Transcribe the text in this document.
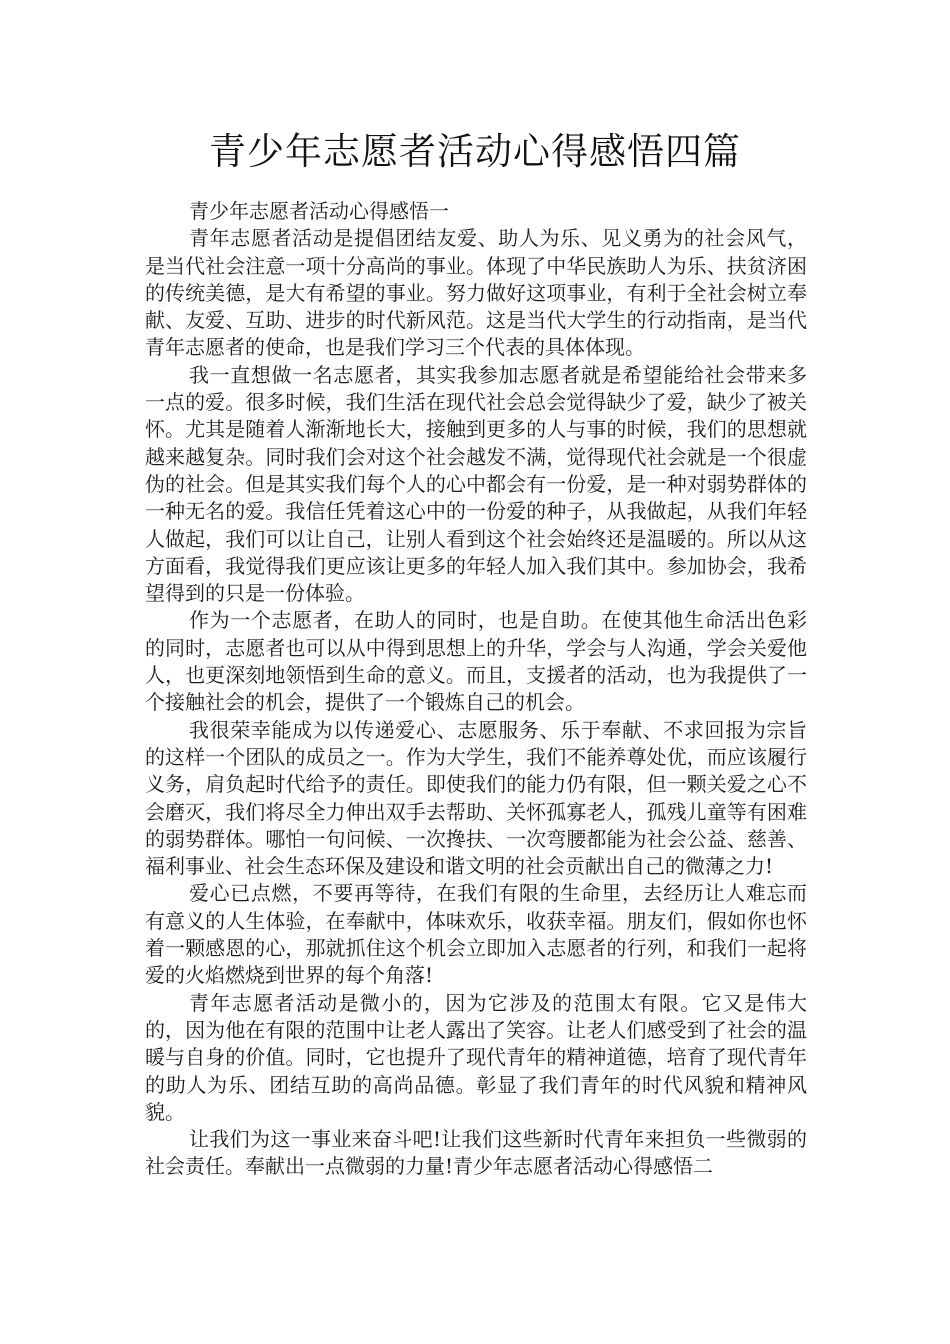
青少年志愿者活动心得感悟四篇

青少年志愿者活动心得感悟一

青年志愿者活动是提倡团结友爱、助人为乐、见义勇为的社会风气，是当代社会注意一项十分高尚的事业。体现了中华民族助人为乐、扶贫济困的传统美德，是大有希望的事业。努力做好这项事业，有利于全社会树立奉献、友爱、互助、进步的时代新风范。这是当代大学生的行动指南，是当代青年志愿者的使命，也是我们学习三个代表的具体体现。

我一直想做一名志愿者，其实我参加志愿者就是希望能给社会带来多一点的爱。很多时候，我们生活在现代社会总会觉得缺少了爱，缺少了被关怀。尤其是随着人渐渐地长大，接触到更多的人与事的时候，我们的思想就越来越复杂。同时我们会对这个社会越发不满，觉得现代社会就是一个很虚伪的社会。但是其实我们每个人的心中都会有一份爱，是一种对弱势群体的一种无名的爱。我信任凭着这心中的一份爱的种子，从我做起，从我们年轻人做起，我们可以让自己，让别人看到这个社会始终还是温暖的。所以从这方面看，我觉得我们更应该让更多的年轻人加入我们其中。参加协会，我希望得到的只是一份体验。

作为一个志愿者，在助人的同时，也是自助。在使其他生命活出色彩的同时，志愿者也可以从中得到思想上的升华，学会与人沟通，学会关爱他人，也更深刻地领悟到生命的意义。而且，支援者的活动，也为我提供了一个接触社会的机会，提供了一个锻炼自己的机会。

我很荣幸能成为以传递爱心、志愿服务、乐于奉献、不求回报为宗旨的这样一个团队的成员之一。作为大学生，我们不能养尊处优，而应该履行义务，肩负起时代给予的责任。即使我们的能力仍有限，但一颗关爱之心不会磨灭，我们将尽全力伸出双手去帮助、关怀孤寡老人，孤残儿童等有困难的弱势群体。哪怕一句问候、一次搀扶、一次弯腰都能为社会公益、慈善、福利事业、社会生态环保及建设和谐文明的社会贡献出自己的微薄之力!

爱心已点燃，不要再等待，在我们有限的生命里，去经历让人难忘而有意义的人生体验，在奉献中，体味欢乐，收获幸福。朋友们，假如你也怀着一颗感恩的心，那就抓住这个机会立即加入志愿者的行列，和我们一起将爱的火焰燃烧到世界的每个角落!

青年志愿者活动是微小的，因为它涉及的范围太有限。它又是伟大的，因为他在有限的范围中让老人露出了笑容。让老人们感受到了社会的温暖与自身的价值。同时，它也提升了现代青年的精神道德，培育了现代青年的助人为乐、团结互助的高尚品德。彰显了我们青年的时代风貌和精神风貌。

让我们为这一事业来奋斗吧!让我们这些新时代青年来担负一些微弱的社会责任。奉献出一点微弱的力量!青少年志愿者活动心得感悟二
